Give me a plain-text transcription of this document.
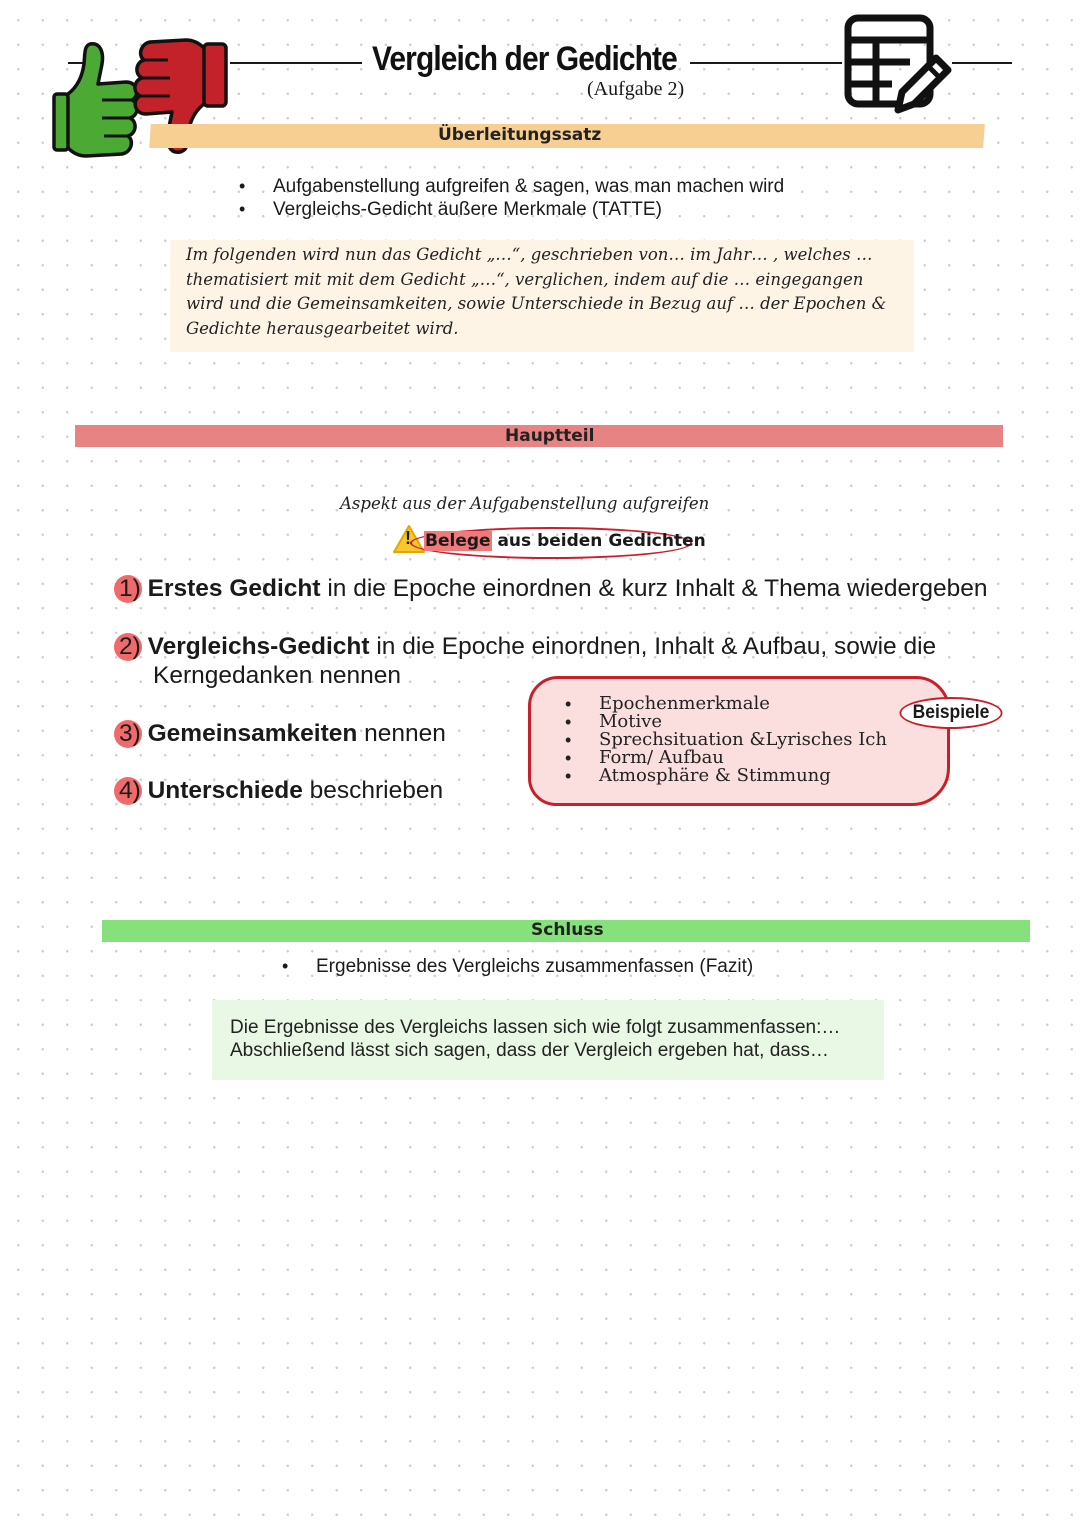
Vergleich der Gedichte
(Aufgabe 2)
Überleitungssatz
• Aufgabenstellung aufgreifen & sagen, was man machen wird
• Vergleichs-Gedicht äußere Merkmale (TATTE)
Im folgenden wird nun das Gedicht „…“, geschrieben von… im Jahr… , welches …
thematisiert mit mit dem Gedicht „…“, verglichen, indem auf die … eingegangen
wird und die Gemeinsamkeiten, sowie Unterschiede in Bezug auf … der Epochen &
Gedichte herausgearbeitet wird.
Hauptteil
Aspekt aus der Aufgabenstellung aufgreifen
! Belege aus beiden Gedichten
1) Erstes Gedicht in die Epoche einordnen & kurz Inhalt & Thema wiedergeben
2) Vergleichs-Gedicht in die Epoche einordnen, Inhalt & Aufbau, sowie die
Kerngedanken nennen
3) Gemeinsamkeiten nennen
4) Unterschiede beschrieben
• Epochenmerkmale
• Motive
• Sprechsituation &Lyrisches Ich
• Form/ Aufbau
• Atmosphäre & Stimmung
Beispiele
Schluss
• Ergebnisse des Vergleichs zusammenfassen (Fazit)
Die Ergebnisse des Vergleichs lassen sich wie folgt zusammenfassen:…
Abschließend lässt sich sagen, dass der Vergleich ergeben hat, dass…
